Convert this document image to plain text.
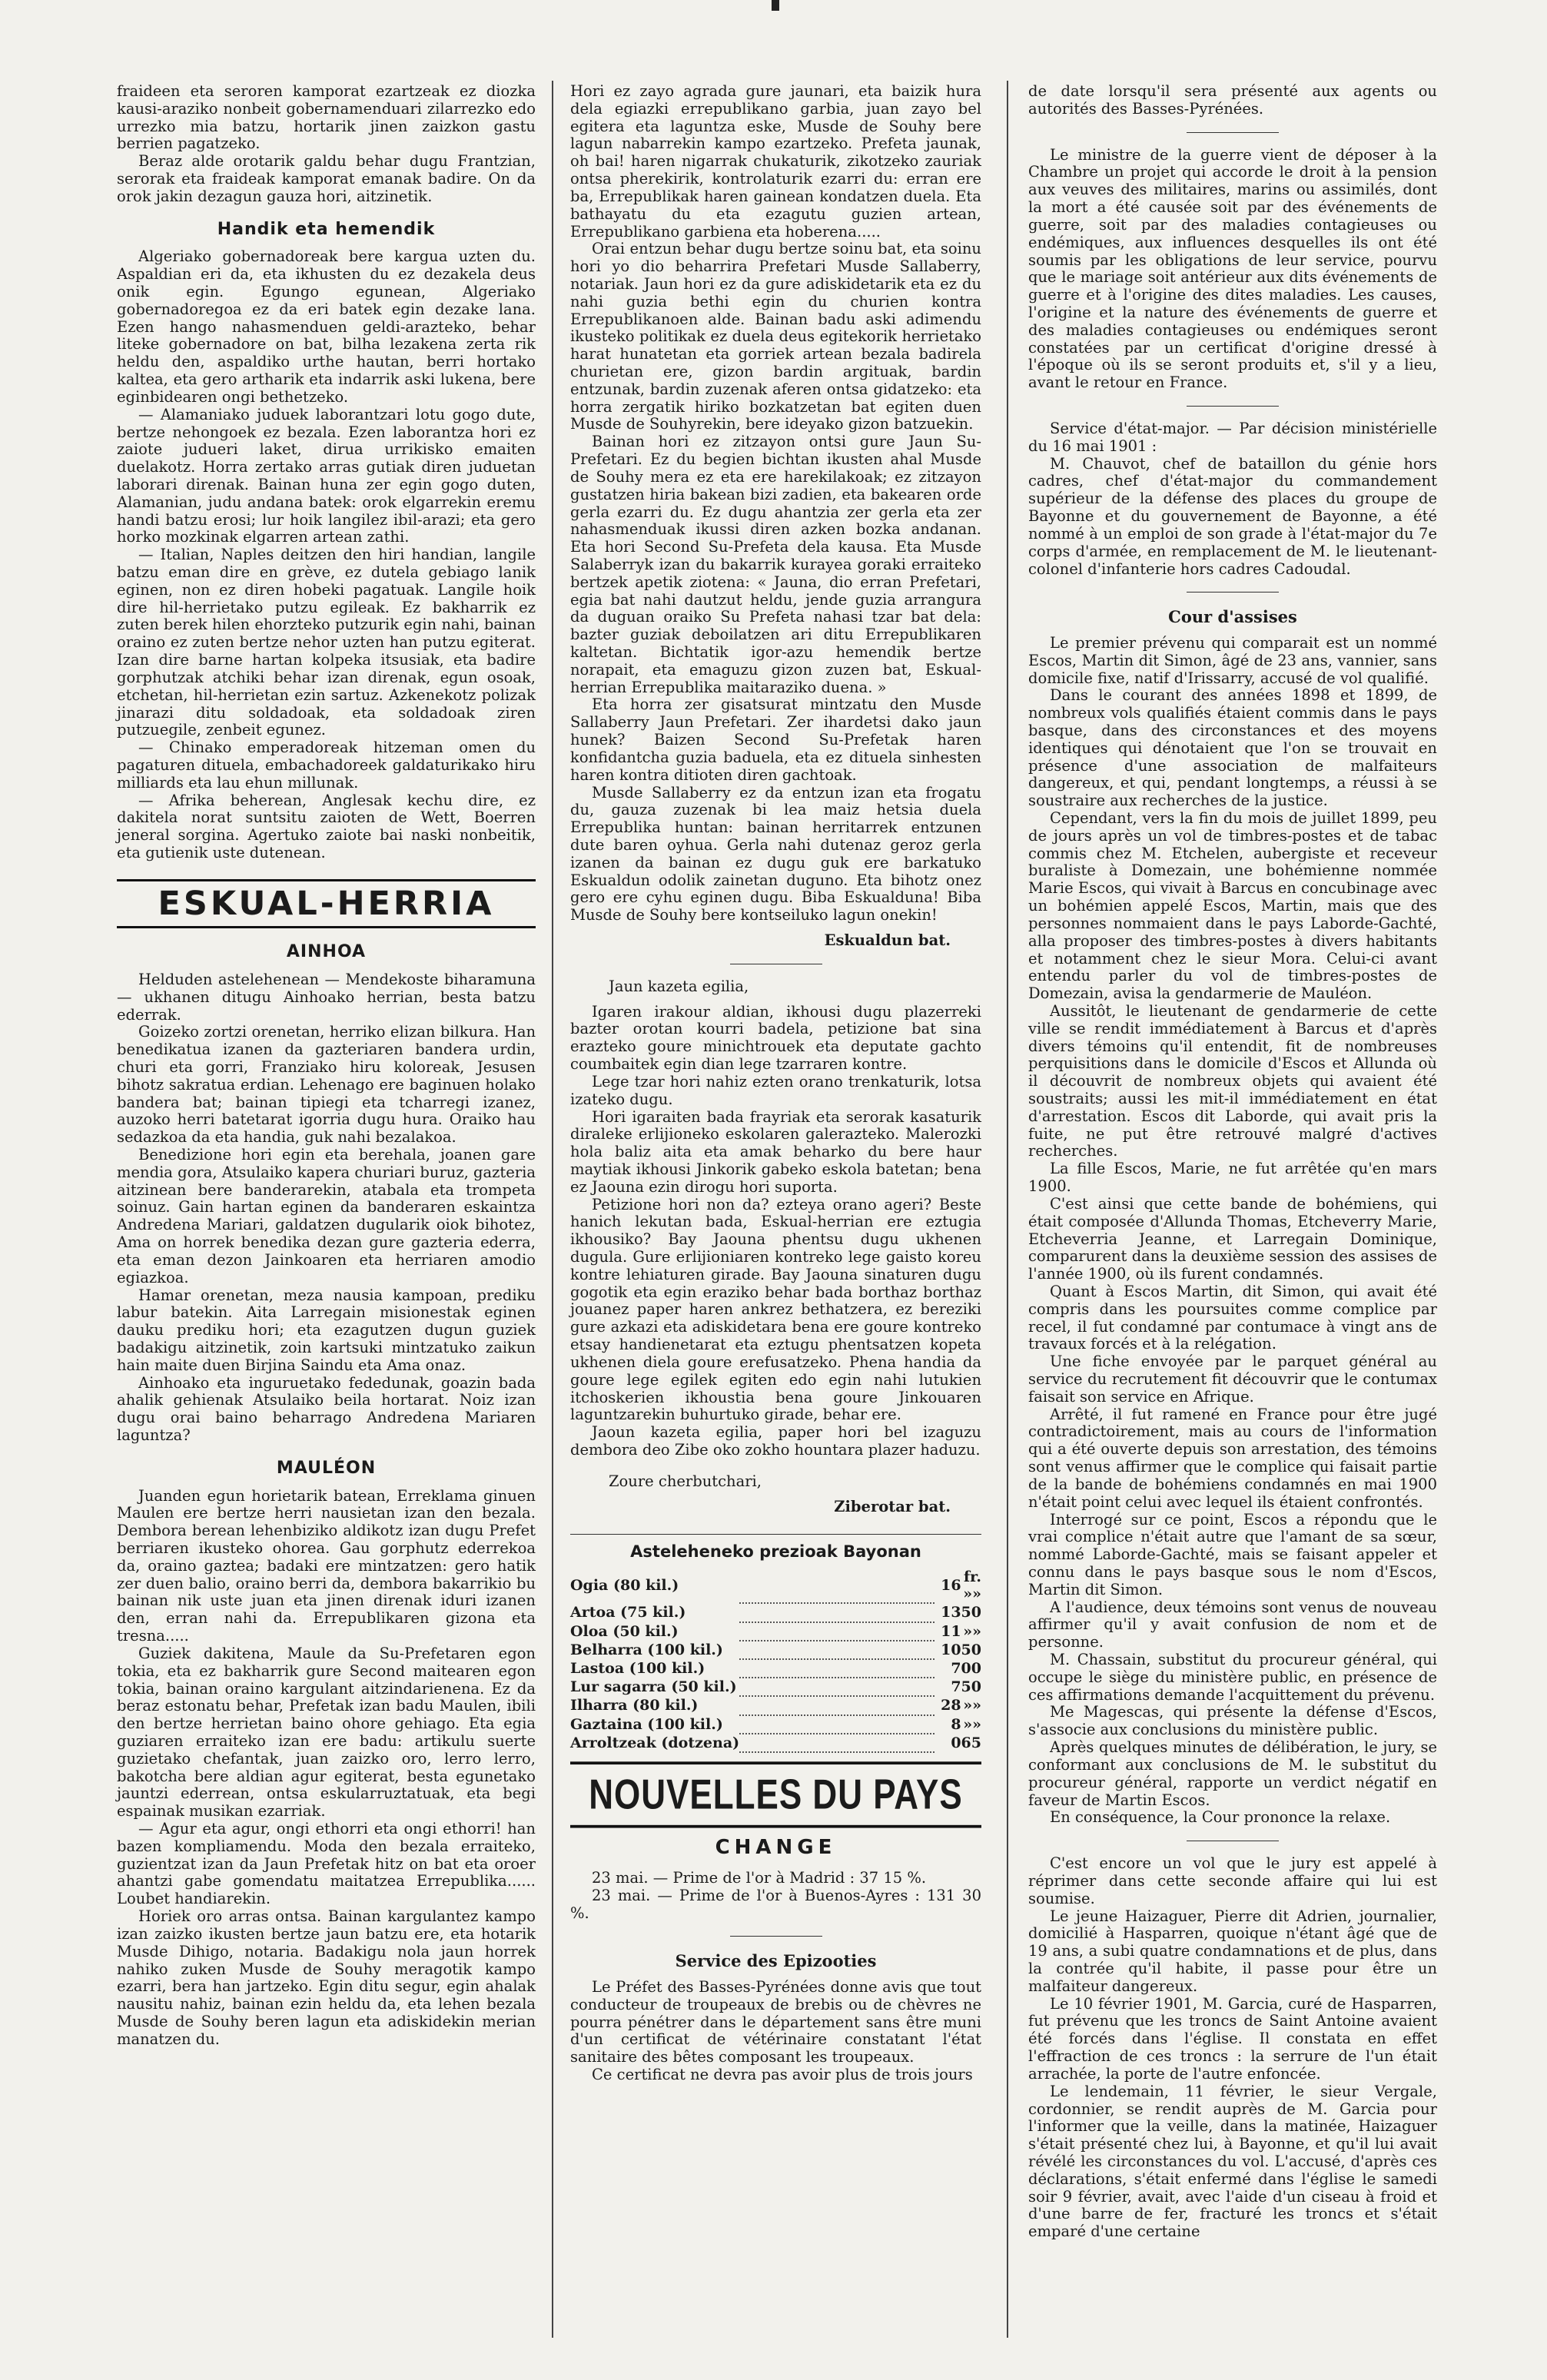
fraideen eta seroren kamporat ezartzeak ez diozka kausi-araziko nonbeit gobernamenduari zilarrezko edo urrezko mia batzu, hortarik jinen zaizkon gastu berrien pagatzeko.

Beraz alde orotarik galdu behar dugu Frantzian, serorak eta fraideak kamporat emanak badire. On da orok jakin dezagun gauza hori, aitzinetik.

Handik eta hemendik

Algeriako gobernadoreak bere kargua uzten du. Aspaldian eri da, eta ikhusten du ez dezakela deus onik egin. Egungo egunean, Algeriako gobernadoregoa ez da eri batek egin dezake lana. Ezen hango nahasmenduen geldi-arazteko, behar liteke gobernadore on bat, bilha lezakena zerta rik heldu den, aspaldiko urthe hautan, berri hortako kaltea, eta gero artharik eta indarrik aski lukena, bere eginbidearen ongi bethetzeko.

— Alamaniako juduek laborantzari lotu gogo dute, bertze nehongoek ez bezala. Ezen laborantza hori ez zaiote judueri laket, dirua urrikisko emaiten duelakotz. Horra zertako arras gutiak diren juduetan laborari direnak. Bainan huna zer egin gogo duten, Alamanian, judu andana batek: orok elgarrekin eremu handi batzu erosi; lur hoik langilez ibil-arazi; eta gero horko mozkinak elgarren artean zathi.

— Italian, Naples deitzen den hiri handian, langile batzu eman dire en grève, ez dutela gebiago lanik eginen, non ez diren hobeki pagatuak. Langile hoik dire hil-herrietako putzu egileak. Ez bakharrik ez zuten berek hilen ehorzteko putzurik egin nahi, bainan oraino ez zuten bertze nehor uzten han putzu egiterat. Izan dire barne hartan kolpeka itsusiak, eta badire gorphutzak atchiki behar izan direnak, egun osoak, etchetan, hil-herrietan ezin sartuz. Azkenekotz polizak jinarazi ditu soldadoak, eta soldadoak ziren putzuegile, zenbeit egunez.

— Chinako emperadoreak hitzeman omen du pagaturen dituela, embachadoreek galdaturikako hiru milliards eta lau ehun millunak.

— Afrika beherean, Anglesak kechu dire, ez dakitela norat suntsitu zaioten de Wett, Boerren jeneral sorgina. Agertuko zaiote bai naski nonbeitik, eta gutienik uste dutenean.

ESKUAL-HERRIA
AINHOA

Helduden astelehenean — Mendekoste biharamuna — ukhanen ditugu Ainhoako herrian, besta batzu ederrak.

Goizeko zortzi orenetan, herriko elizan bilkura. Han benedikatua izanen da gazteriaren bandera urdin, churi eta gorri, Franziako hiru koloreak, Jesusen bihotz sakratua erdian. Lehenago ere baginuen holako bandera bat; bainan tipiegi eta tcharregi izanez, auzoko herri batetarat igorria dugu hura. Oraiko hau sedazkoa da eta handia, guk nahi bezalakoa.

Benedizione hori egin eta berehala, joanen gare mendia gora, Atsulaiko kapera churiari buruz, gazteria aitzinean bere banderarekin, atabala eta trompeta soinuz. Gain hartan eginen da banderaren eskaintza Andredena Mariari, galdatzen dugularik oiok bihotez, Ama on horrek benedika dezan gure gazteria ederra, eta eman dezon Jainkoaren eta herriaren amodio egiazkoa.

Hamar orenetan, meza nausia kampoan, prediku labur batekin. Aita Larregain misionestak eginen dauku prediku hori; eta ezagutzen dugun guziek badakigu aitzinetik, zoin kartsuki mintzatuko zaikun hain maite duen Birjina Saindu eta Ama onaz.

Ainhoako eta inguruetako fededunak, goazin bada ahalik gehienak Atsulaiko beila hortarat. Noiz izan dugu orai baino beharrago Andredena Mariaren laguntza?

MAULÉON

Juanden egun horietarik batean, Erreklama ginuen Maulen ere bertze herri nausietan izan den bezala. Dembora berean lehenbiziko aldikotz izan dugu Prefet berriaren ikusteko ohorea. Gau gorphutz ederrekoa da, oraino gaztea; badaki ere mintzatzen: gero hatik zer duen balio, oraino berri da, dembora bakarrikio bu bainan nik uste juan eta jinen direnak iduri izanen den, erran nahi da. Errepublikaren gizona eta tresna.....

Guziek dakitena, Maule da Su-Prefetaren egon tokia, eta ez bakharrik gure Second maitearen egon tokia, bainan oraino kargulant aitzindarienena. Ez da beraz estonatu behar, Prefetak izan badu Maulen, ibili den bertze herrietan baino ohore gehiago. Eta egia guziaren erraiteko izan ere badu: artikulu suerte guzietako chefantak, juan zaizko oro, lerro lerro, bakotcha bere aldian agur egiterat, besta egunetako jauntzi ederrean, ontsa eskularruztatuak, eta begi espainak musikan ezarriak.

— Agur eta agur, ongi ethorri eta ongi ethorri! han bazen kompliamendu. Moda den bezala erraiteko, guzientzat izan da Jaun Prefetak hitz on bat eta oroer ahantzi gabe gomendatu maitatzea Errepublika...... Loubet handiarekin.

Horiek oro arras ontsa. Bainan kargulantez kampo izan zaizko ikusten bertze jaun batzu ere, eta hotarik Musde Dihigo, notaria. Badakigu nola jaun horrek nahiko zuken Musde de Souhy meragotik kampo ezarri, bera han jartzeko. Egin ditu segur, egin ahalak nausitu nahiz, bainan ezin heldu da, eta lehen bezala Musde de Souhy beren lagun eta adiskidekin merian manatzen du.

Hori ez zayo agrada gure jaunari, eta baizik hura dela egiazki errepublikano garbia, juan zayo bel egitera eta laguntza eske, Musde de Souhy bere lagun nabarrekin kampo ezartzeko. Prefeta jaunak, oh bai! haren nigarrak chukaturik, zikotzeko zauriak ontsa pherekirik, kontrolaturik ezarri du: erran ere ba, Errepublikak haren gainean kondatzen duela. Eta bathayatu du eta ezagutu guzien artean, Errepublikano garbiena eta hoberena.....

Orai entzun behar dugu bertze soinu bat, eta soinu hori yo dio beharrira Prefetari Musde Sallaberry, notariak. Jaun hori ez da gure adiskidetarik eta ez du nahi guzia bethi egin du churien kontra Errepublikanoen alde. Bainan badu aski adimendu ikusteko politikak ez duela deus egitekorik herrietako harat hunatetan eta gorriek artean bezala badirela churietan ere, gizon bardin argituak, bardin entzunak, bardin zuzenak aferen ontsa gidatzeko: eta horra zergatik hiriko bozkatzetan bat egiten duen Musde de Souhyrekin, bere ideyako gizon batzuekin.

Bainan hori ez zitzayon ontsi gure Jaun Su-Prefetari. Ez du begien bichtan ikusten ahal Musde de Souhy mera ez eta ere harekilakoak; ez zitzayon gustatzen hiria bakean bizi zadien, eta bakearen orde gerla ezarri du. Ez dugu ahantzia zer gerla eta zer nahasmenduak ikussi diren azken bozka andanan. Eta hori Second Su-Prefeta dela kausa. Eta Musde Salaberryk izan du bakarrik kurayea goraki erraiteko bertzek apetik ziotena: « Jauna, dio erran Prefetari, egia bat nahi dautzut heldu, jende guzia arrangura da duguan oraiko Su Prefeta nahasi tzar bat dela: bazter guziak deboilatzen ari ditu Errepublikaren kaltetan. Bichtatik igor-azu hemendik bertze norapait, eta emaguzu gizon zuzen bat, Eskual-herrian Errepublika maitaraziko duena. »

Eta horra zer gisatsurat mintzatu den Musde Sallaberry Jaun Prefetari. Zer ihardetsi dako jaun hunek? Baizen Second Su-Prefetak haren konfidantcha guzia baduela, eta ez dituela sinhesten haren kontra ditioten diren gachtoak.

Musde Sallaberry ez da entzun izan eta frogatu du, gauza zuzenak bi lea maiz hetsia duela Errepublika huntan: bainan herritarrek entzunen dute baren oyhua. Gerla nahi dutenaz geroz gerla izanen da bainan ez dugu guk ere barkatuko Eskualdun odolik zainetan duguno. Eta bihotz onez gero ere cyhu eginen dugu. Biba Eskualduna! Biba Musde de Souhy bere kontseiluko lagun onekin!

Eskualdun bat.

Jaun kazeta egilia,

Igaren irakour aldian, ikhousi dugu plazerreki bazter orotan kourri badela, petizione bat sina erazteko goure minichtrouek eta deputate gachto coumbaitek egin dian lege tzarraren kontre.

Lege tzar hori nahiz ezten orano trenkaturik, lotsa izateko dugu.

Hori igaraiten bada frayriak eta serorak kasaturik diraleke erlijioneko eskolaren galerazteko. Malerozki hola baliz aita eta amak beharko du bere haur maytiak ikhousi Jinkorik gabeko eskola batetan; bena ez Jaouna ezin dirogu hori suporta.

Petizione hori non da? ezteya orano ageri? Beste hanich lekutan bada, Eskual-herrian ere eztugia ikhousiko? Bay Jaouna phentsu dugu ukhenen dugula. Gure erlijioniaren kontreko lege gaisto koreu kontre lehiaturen girade. Bay Jaouna sinaturen dugu gogotik eta egin eraziko behar bada borthaz borthaz jouanez paper haren ankrez bethatzera, ez bereziki gure azkazi eta adiskidetara bena ere goure kontreko etsay handienetarat eta eztugu phentsatzen kopeta ukhenen diela goure erefusatzeko. Phena handia da goure lege egilek egiten edo egin nahi lutukien itchoskerien ikhoustia bena goure Jinkouaren laguntzarekin buhurtuko girade, behar ere.

Jaoun kazeta egilia, paper hori bel izaguzu dembora deo Zibe oko zokho hountara plazer haduzu.

Zoure cherbutchari,

Ziberotar bat.

Asteleheneko prezioak Bayonan
Ogia (80 kil.)		16	fr. »»
Artoa (75 kil.)		13	50
Oloa (50 kil.)		11	»»
Belharra (100 kil.)		10	50
Lastoa (100 kil.)		7	00
Lur sagarra (50 kil.)		7	50
Ilharra (80 kil.)		28	»»
Gaztaina (100 kil.)		8	»»
Arroltzeak (dotzena)		0	65
NOUVELLES DU PAYS
CHANGE

23 mai. — Prime de l'or à Madrid : 37 15 %.

23 mai. — Prime de l'or à Buenos-Ayres : 131 30 %.

Service des Epizooties

Le Préfet des Basses-Pyrénées donne avis que tout conducteur de troupeaux de brebis ou de chèvres ne pourra pénétrer dans le département sans être muni d'un certificat de vétérinaire constatant l'état sanitaire des bêtes composant les troupeaux.

Ce certificat ne devra pas avoir plus de trois jours

de date lorsqu'il sera présenté aux agents ou autorités des Basses-Pyrénées.

Le ministre de la guerre vient de déposer à la Chambre un projet qui accorde le droit à la pension aux veuves des militaires, marins ou assimilés, dont la mort a été causée soit par des événements de guerre, soit par des maladies contagieuses ou endémiques, aux influences desquelles ils ont été soumis par les obligations de leur service, pourvu que le mariage soit antérieur aux dits événements de guerre et à l'origine des dites maladies. Les causes, l'origine et la nature des événements de guerre et des maladies contagieuses ou endémiques seront constatées par un certificat d'origine dressé à l'époque où ils se seront produits et, s'il y a lieu, avant le retour en France.

Service d'état-major. — Par décision ministérielle du 16 mai 1901 :

M. Chauvot, chef de bataillon du génie hors cadres, chef d'état-major du commandement supérieur de la défense des places du groupe de Bayonne et du gouvernement de Bayonne, a été nommé à un emploi de son grade à l'état-major du 7e corps d'armée, en remplacement de M. le lieutenant-colonel d'infanterie hors cadres Cadoudal.

Cour d'assises

Le premier prévenu qui comparait est un nommé Escos, Martin dit Simon, âgé de 23 ans, vannier, sans domicile fixe, natif d'Irissarry, accusé de vol qualifié.

Dans le courant des années 1898 et 1899, de nombreux vols qualifiés étaient commis dans le pays basque, dans des circonstances et des moyens identiques qui dénotaient que l'on se trouvait en présence d'une association de malfaiteurs dangereux, et qui, pendant longtemps, a réussi à se soustraire aux recherches de la justice.

Cependant, vers la fin du mois de juillet 1899, peu de jours après un vol de timbres-postes et de tabac commis chez M. Etchelen, aubergiste et receveur buraliste à Domezain, une bohémienne nommée Marie Escos, qui vivait à Barcus en concubinage avec un bohémien appelé Escos, Martin, mais que des personnes nommaient dans le pays Laborde-Gachté, alla proposer des timbres-postes à divers habitants et notamment chez le sieur Mora. Celui-ci avant entendu parler du vol de timbres-postes de Domezain, avisa la gendarmerie de Mauléon.

Aussitôt, le lieutenant de gendarmerie de cette ville se rendit immédiatement à Barcus et d'après divers témoins qu'il entendit, fit de nombreuses perquisitions dans le domicile d'Escos et Allunda où il découvrit de nombreux objets qui avaient été soustraits; aussi les mit-il immédiatement en état d'arrestation. Escos dit Laborde, qui avait pris la fuite, ne put être retrouvé malgré d'actives recherches.

La fille Escos, Marie, ne fut arrêtée qu'en mars 1900.

C'est ainsi que cette bande de bohémiens, qui était composée d'Allunda Thomas, Etcheverry Marie, Etcheverria Jeanne, et Larregain Dominique, comparurent dans la deuxième session des assises de l'année 1900, où ils furent condamnés.

Quant à Escos Martin, dit Simon, qui avait été compris dans les poursuites comme complice par recel, il fut condamné par contumace à vingt ans de travaux forcés et à la relégation.

Une fiche envoyée par le parquet général au service du recrutement fit découvrir que le contumax faisait son service en Afrique.

Arrêté, il fut ramené en France pour être jugé contradictoirement, mais au cours de l'information qui a été ouverte depuis son arrestation, des témoins sont venus affirmer que le complice qui faisait partie de la bande de bohémiens condamnés en mai 1900 n'était point celui avec lequel ils étaient confrontés.

Interrogé sur ce point, Escos a répondu que le vrai complice n'était autre que l'amant de sa sœur, nommé Laborde-Gachté, mais se faisant appeler et connu dans le pays basque sous le nom d'Escos, Martin dit Simon.

A l'audience, deux témoins sont venus de nouveau affirmer qu'il y avait confusion de nom et de personne.

M. Chassain, substitut du procureur général, qui occupe le siège du ministère public, en présence de ces affirmations demande l'acquittement du prévenu.

Me Magescas, qui présente la défense d'Escos, s'associe aux conclusions du ministère public.

Après quelques minutes de délibération, le jury, se conformant aux conclusions de M. le substitut du procureur général, rapporte un verdict négatif en faveur de Martin Escos.

En conséquence, la Cour prononce la relaxe.

C'est encore un vol que le jury est appelé à réprimer dans cette seconde affaire qui lui est soumise.

Le jeune Haizaguer, Pierre dit Adrien, journalier, domicilié à Hasparren, quoique n'étant âgé que de 19 ans, a subi quatre condamnations et de plus, dans la contrée qu'il habite, il passe pour être un malfaiteur dangereux.

Le 10 février 1901, M. Garcia, curé de Hasparren, fut prévenu que les troncs de Saint Antoine avaient été forcés dans l'église. Il constata en effet l'effraction de ces troncs : la serrure de l'un était arrachée, la porte de l'autre enfoncée.

Le lendemain, 11 février, le sieur Vergale, cordonnier, se rendit auprès de M. Garcia pour l'informer que la veille, dans la matinée, Haizaguer s'était présenté chez lui, à Bayonne, et qu'il lui avait révélé les circonstances du vol. L'accusé, d'après ces déclarations, s'était enfermé dans l'église le samedi soir 9 février, avait, avec l'aide d'un ciseau à froid et d'une barre de fer, fracturé les troncs et s'était emparé d'une certaine
